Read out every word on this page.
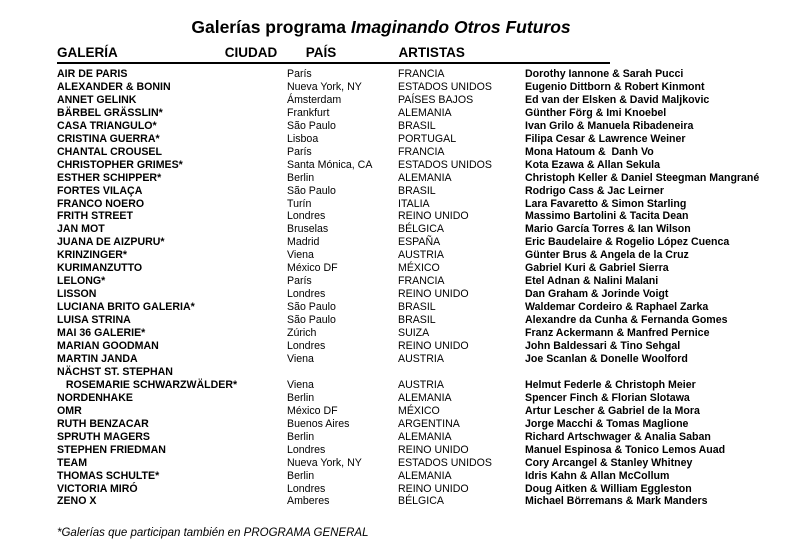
Galerías programa Imaginando Otros Futuros
GALERÍA	CIUDAD	PAÍS	ARTISTAS
AIR DE PARIS	París	FRANCIA	Dorothy Iannone & Sarah Pucci
ALEXANDER & BONIN	Nueva York, NY	ESTADOS UNIDOS	Eugenio Dittborn & Robert Kinmont
ANNET GELINK	Ámsterdam	PAÍSES BAJOS	Ed van der Elsken & David Maljkovic
BÄRBEL GRÄSSLIN*	Frankfurt	ALEMANIA	Günther Förg & Imi Knoebel
CASA TRIANGULO*	São Paulo	BRASIL	Ivan Grilo & Manuela Ribadeneira
CRISTINA GUERRA*	Lisboa	PORTUGAL	Filipa Cesar & Lawrence Weiner
CHANTAL CROUSEL	París	FRANCIA	Mona Hatoum &  Danh Vo
CHRISTOPHER GRIMES*	Santa Mónica, CA	ESTADOS UNIDOS	Kota Ezawa & Allan Sekula
ESTHER SCHIPPER*	Berlin	ALEMANIA	Christoph Keller & Daniel Steegman Mangrané
FORTES VILAÇA	São Paulo	BRASIL	Rodrigo Cass & Jac Leirner
FRANCO NOERO	Turín	ITALIA	Lara Favaretto & Simon Starling
FRITH STREET	Londres	REINO UNIDO	Massimo Bartolini & Tacita Dean
JAN MOT	Bruselas	BÉLGICA	Mario García Torres & Ian Wilson
JUANA DE AIZPURU*	Madrid	ESPAÑA	Eric Baudelaire & Rogelio López Cuenca
KRINZINGER*	Viena	AUSTRIA	Günter Brus & Angela de la Cruz
KURIMANZUTTO	México DF	MÉXICO	Gabriel Kuri & Gabriel Sierra
LELONG*	París	FRANCIA	Etel Adnan & Nalini Malani
LISSON	Londres	REINO UNIDO	Dan Graham & Jorinde Voigt
LUCIANA BRITO GALERIA*	São Paulo	BRASIL	Waldemar Cordeiro & Raphael Zarka
LUISA STRINA	São Paulo	BRASIL	Alexandre da Cunha & Fernanda Gomes
MAI 36 GALERIE*	Zúrich	SUIZA	Franz Ackermann & Manfred Pernice
MARIAN GOODMAN	Londres	REINO UNIDO	John Baldessari & Tino Sehgal
MARTIN JANDA	Viena	AUSTRIA	Joe Scanlan & Donelle Woolford
NÄCHST ST. STEPHAN
ROSEMARIE SCHWARZWÄLDER*	Viena	AUSTRIA	Helmut Federle & Christoph Meier
NORDENHAKE	Berlin	ALEMANIA	Spencer Finch & Florian Slotawa
OMR	México DF	MÉXICO	Artur Lescher & Gabriel de la Mora
RUTH BENZACAR	Buenos Aires	ARGENTINA	Jorge Macchi & Tomas Maglione
SPRUTH MAGERS	Berlin	ALEMANIA	Richard Artschwager & Analia Saban
STEPHEN FRIEDMAN	Londres	REINO UNIDO	Manuel Espinosa & Tonico Lemos Auad
TEAM	Nueva York, NY	ESTADOS UNIDOS	Cory Arcangel & Stanley Whitney
THOMAS SCHULTE*	Berlin	ALEMANIA	Idris Kahn & Allan McCollum
VICTORIA MIRÓ	Londres	REINO UNIDO	Doug Aitken & William Eggleston
ZENO X	Amberes	BÉLGICA	Michael Börremans & Mark Manders
*Galerías que participan también en PROGRAMA GENERAL
